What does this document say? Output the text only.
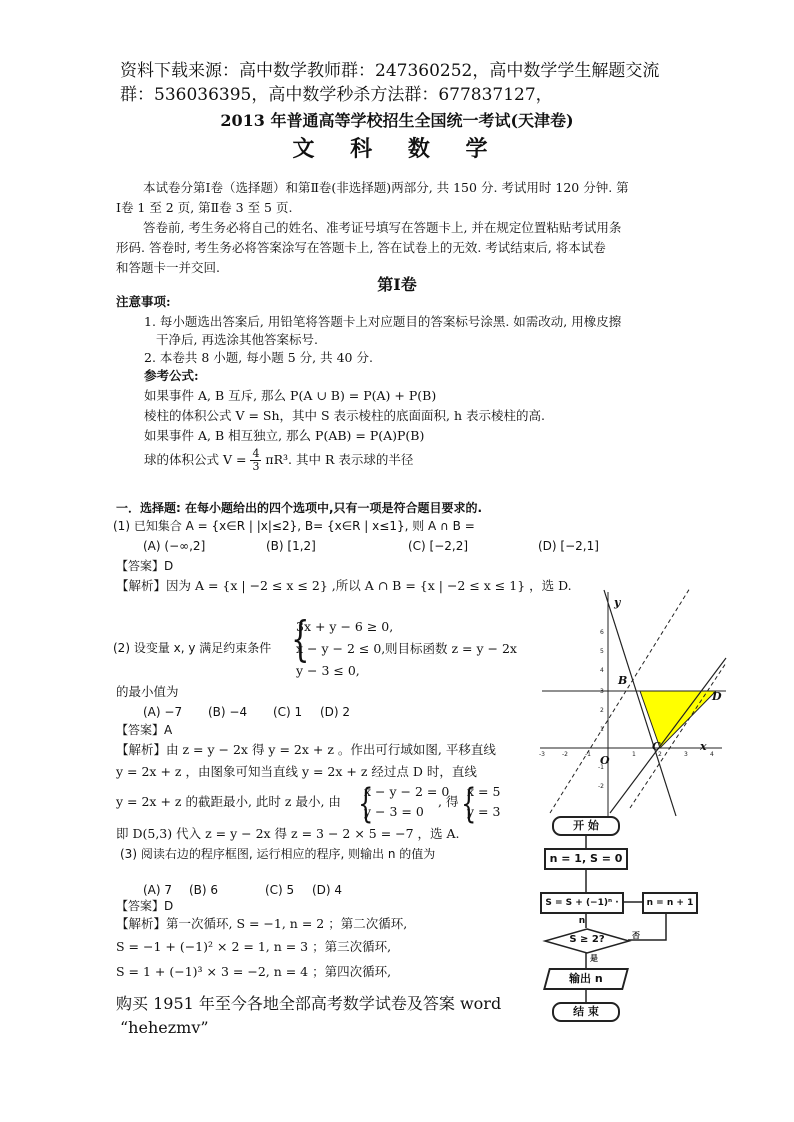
资料下载来源：高中数学教师群：247360252，高中数学学生解题交流
群：536036395，高中数学秒杀方法群：677837127，
2013 年普通高等学校招生全国统一考试(天津卷)
文 科 数 学
本试卷分第Ⅰ卷（选择题）和第Ⅱ卷(非选择题)两部分, 共 150 分. 考试用时 120 分钟. 第
Ⅰ卷 1 至 2 页, 第Ⅱ卷 3 至 5 页.
答卷前, 考生务必将自己的姓名、准考证号填写在答题卡上, 并在规定位置粘贴考试用条
形码. 答卷时, 考生务必将答案涂写在答题卡上, 答在试卷上的无效. 考试结束后, 将本试卷
和答题卡一并交回.
第Ⅰ卷
注意事项:
1. 每小题选出答案后, 用铅笔将答题卡上对应题目的答案标号涂黑. 如需改动, 用橡皮擦
干净后, 再选涂其他答案标号.
2. 本卷共 8 小题, 每小题 5 分, 共 40 分.
参考公式:
如果事件 A, B 互斥, 那么 P(A ∪ B) = P(A) + P(B)
棱柱的体积公式 V = Sh，其中 S 表示棱柱的底面面积, h 表示棱柱的高.
如果事件 A, B 相互独立, 那么 P(AB) = P(A)P(B)
球的体积公式 $V = \frac{4}{3} \pi R^3$. 其中 R 表示球的半径
一．选择题: 在每小题给出的四个选项中,只有一项是符合题目要求的.
(1) 已知集合 A = {x∈R | |x|≤2}, B= {x∈R | x≤1}, 则 A ∩ B =
(A) (−∞,2]	(B) [1,2]	(C) [−2,2]	(D) [−2,1]
【答案】D
【解析】因为 A = {x | −2 ≤ x ≤ 2} ,所以 A ∩ B = {x | −2 ≤ x ≤ 1} ，选 D.
(2) 设变量 x, y 满足约束条件 {
3x + y − 6 ≥ 0,
x − y − 2 ≤ 0,
y − 3 ≤ 0,
则目标函数 z = y − 2x
的最小值为
(A) −7 (B) −4 (C) 1 (D) 2
【答案】A
【解析】由 z = y − 2x 得 y = 2x + z 。作出可行域如图, 平移直线
y = 2x + z ，由图象可知当直线 y = 2x + z 经过点 D 时，直线
y = 2x + z 的截距最小, 此时 z 最小, 由 {
x − y − 2 = 0
y − 3 = 0
, 得 {
x = 5
y = 3
即 D(5,3) 代入 z = y − 2x 得 z = 3 − 2 × 5 = −7 ，选 A.
(3) 阅读右边的程序框图, 运行相应的程序, 则输出 n 的值为
(A) 7 (B) 6	(C) 5 (D) 4
【答案】D
【解析】第一次循环, S = −1, n = 2 ；第二次循环,
S = −1 + (−1)² × 2 = 1, n = 3 ；第三次循环,
S = 1 + (−1)³ × 3 = −2, n = 4 ；第四次循环,
购买 1951 年至今各地全部高考数学试卷及答案 word
“hehezmv”
6
5
4
3
2
1
-1
-2
-3	-2	-1	1	2	3	4
y
x
B
C
D
O
开 始
n = 1, S = 0
S = S + (−1)ⁿ · n
n = n + 1
S ≥ 2?
是
否
输出 n
结 束
